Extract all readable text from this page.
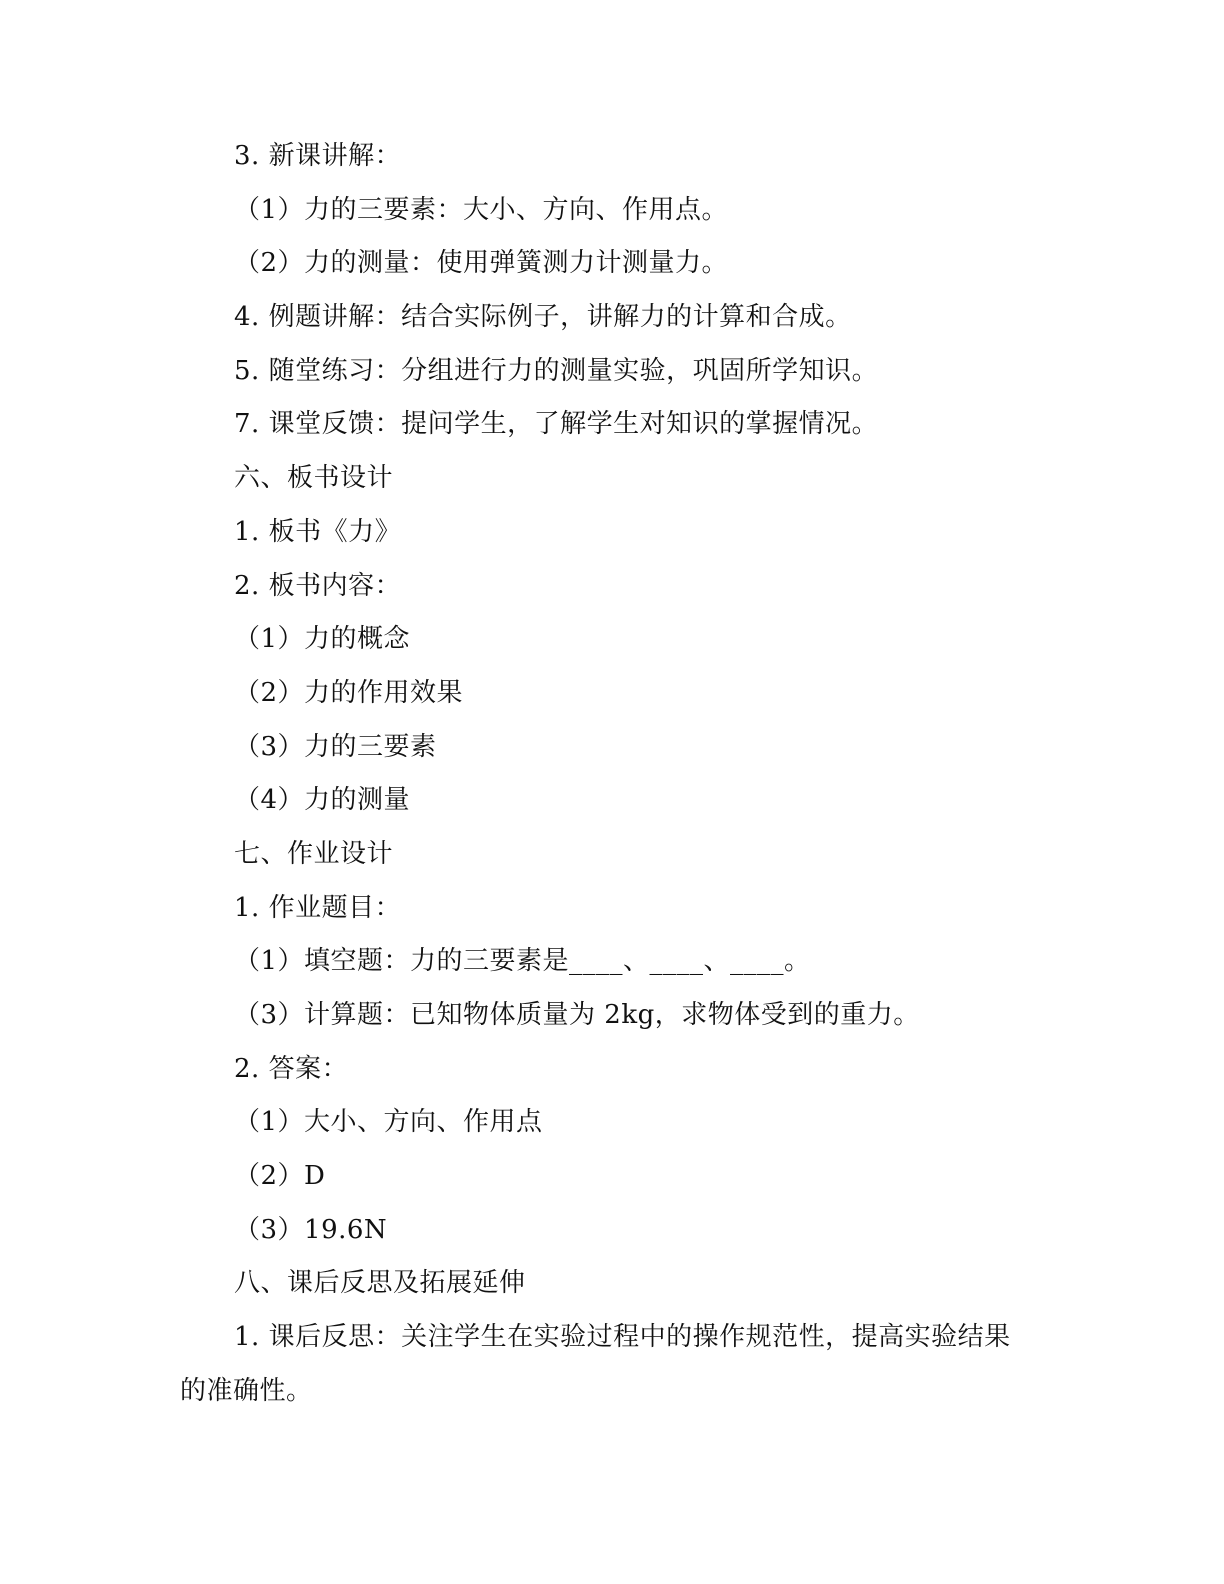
3. 新课讲解：
（1）力的三要素：大小、方向、作用点。
（2）力的测量：使用弹簧测力计测量力。
4. 例题讲解：结合实际例子，讲解力的计算和合成。
5. 随堂练习：分组进行力的测量实验，巩固所学知识。
7. 课堂反馈：提问学生，了解学生对知识的掌握情况。
六、板书设计
1. 板书《力》
2. 板书内容：
（1）力的概念
（2）力的作用效果
（3）力的三要素
（4）力的测量
七、作业设计
1. 作业题目：
（1）填空题：力的三要素是____、____、____。
（3）计算题：已知物体质量为 2kg，求物体受到的重力。
2. 答案：
（1）大小、方向、作用点
（2）D
（3）19.6N
八、课后反思及拓展延伸
1. 课后反思：关注学生在实验过程中的操作规范性，提高实验结果的准确性。
